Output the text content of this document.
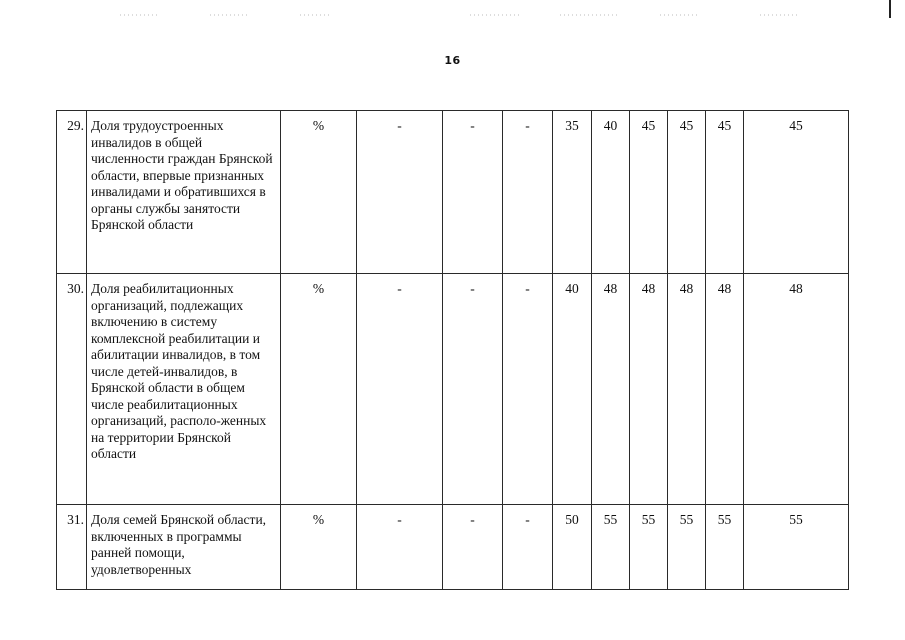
16
29.	Доля трудоустроенных инвалидов в общей численности граждан Брянской области, впервые признанных инвалидами и обратившихся в органы службы занятости Брянской области	%	-	-	-	35	40	45	45	45	45
30.	Доля реабилитационных организаций, подлежащих включению в систему комплексной реабилитации и абилитации инвалидов, в том числе детей-инвалидов, в Брянской области в общем числе реабилитационных организаций, располо-женных на территории Брянской области	%	-	-	-	40	48	48	48	48	48
31.	Доля семей Брянской области, включенных в программы ранней помощи, удовлетворенных	%	-	-	-	50	55	55	55	55	55
